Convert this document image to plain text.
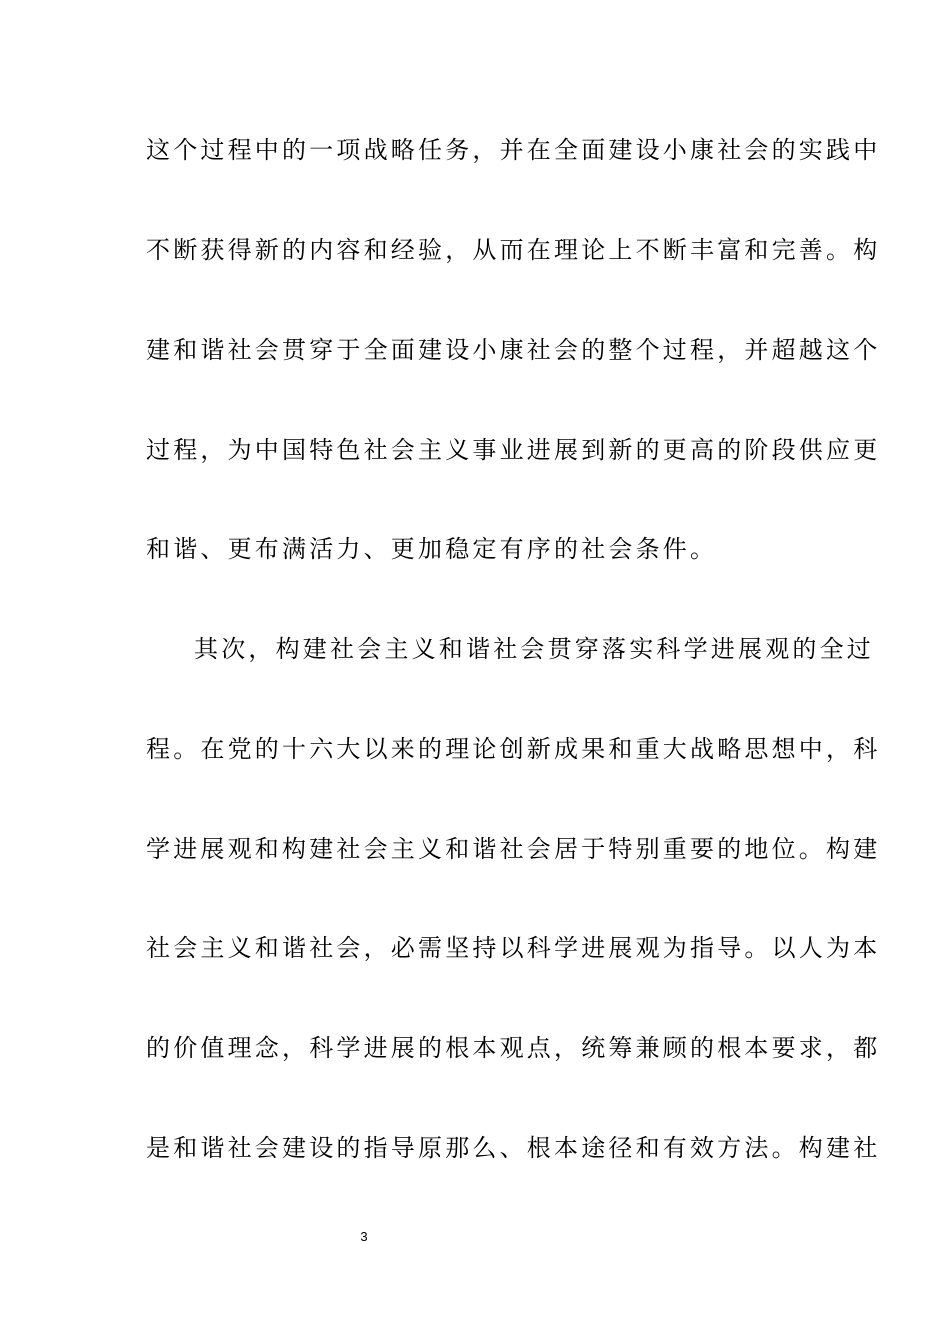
这个过程中的一项战略任务，并在全面建设小康社会的实践中
不断获得新的内容和经验，从而在理论上不断丰富和完善。构
建和谐社会贯穿于全面建设小康社会的整个过程，并超越这个
过程，为中国特色社会主义事业进展到新的更高的阶段供应更
和谐、更布满活力、更加稳定有序的社会条件。
其次，构建社会主义和谐社会贯穿落实科学进展观的全过
程。在党的十六大以来的理论创新成果和重大战略思想中，科
学进展观和构建社会主义和谐社会居于特别重要的地位。构建
社会主义和谐社会，必需坚持以科学进展观为指导。以人为本
的价值理念，科学进展的根本观点，统筹兼顾的根本要求，都
是和谐社会建设的指导原那么、根本途径和有效方法。构建社
3
